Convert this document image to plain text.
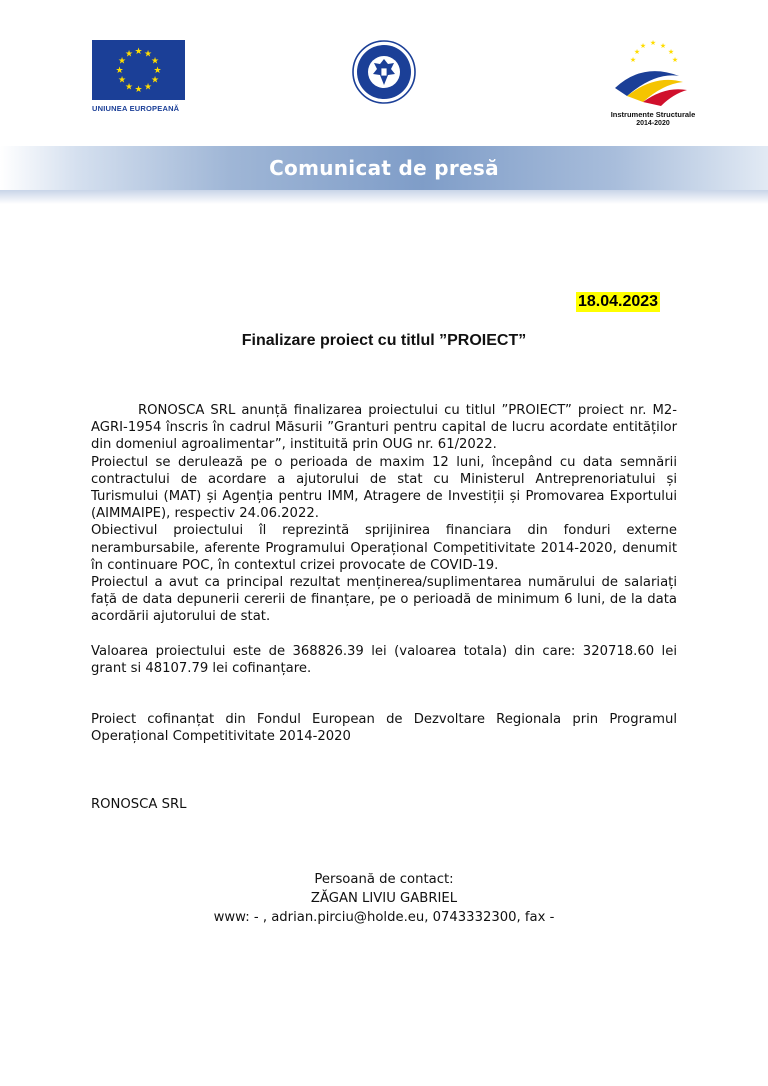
★ ★
★
★
★
★
★
★
★
★
★
★
UNIUNEA EUROPEANĂ
★ ★ ★
★
★
★
★
Instrumente Structurale
2014-2020
Comunicat de presă
18.04.2023
Finalizare proiect cu titlul ”PROIECT”

RONOSCA SRL anunță finalizarea proiectului cu titlul ”PROIECT” proiect nr. M2-AGRI-1954 înscris în cadrul Măsurii ”Granturi pentru capital de lucru acordate entităților din domeniul agroalimentar”, instituită prin OUG nr. 61/2022.

Proiectul se derulează pe o perioada de maxim 12 luni, începând cu data semnării contractului de acordare a ajutorului de stat cu Ministerul Antreprenoriatului și Turismului (MAT) și Agenția pentru IMM, Atragere de Investiții și Promovarea Exportului (AIMMAIPE), respectiv 24.06.2022.

Obiectivul proiectului îl reprezintă sprijinirea financiara din fonduri externe nerambursabile, aferente Programului Operațional Competitivitate 2014-2020, denumit în continuare POC, în contextul crizei provocate de COVID-19.

Proiectul a avut ca principal rezultat menținerea/suplimentarea numărului de salariați față de data depunerii cererii de finanțare, pe o perioadă de minimum 6 luni, de la data acordării ajutorului de stat.

Valoarea proiectului este de 368826.39 lei (valoarea totala) din care: 320718.60 lei grant si 48107.79 lei cofinanțare.

Proiect cofinanțat din Fondul European de Dezvoltare Regionala prin Programul Operațional Competitivitate 2014-2020

RONOSCA SRL

Persoană de contact:
ZĂGAN LIVIU GABRIEL
www: - , adrian.pirciu@holde.eu, 0743332300, fax -
